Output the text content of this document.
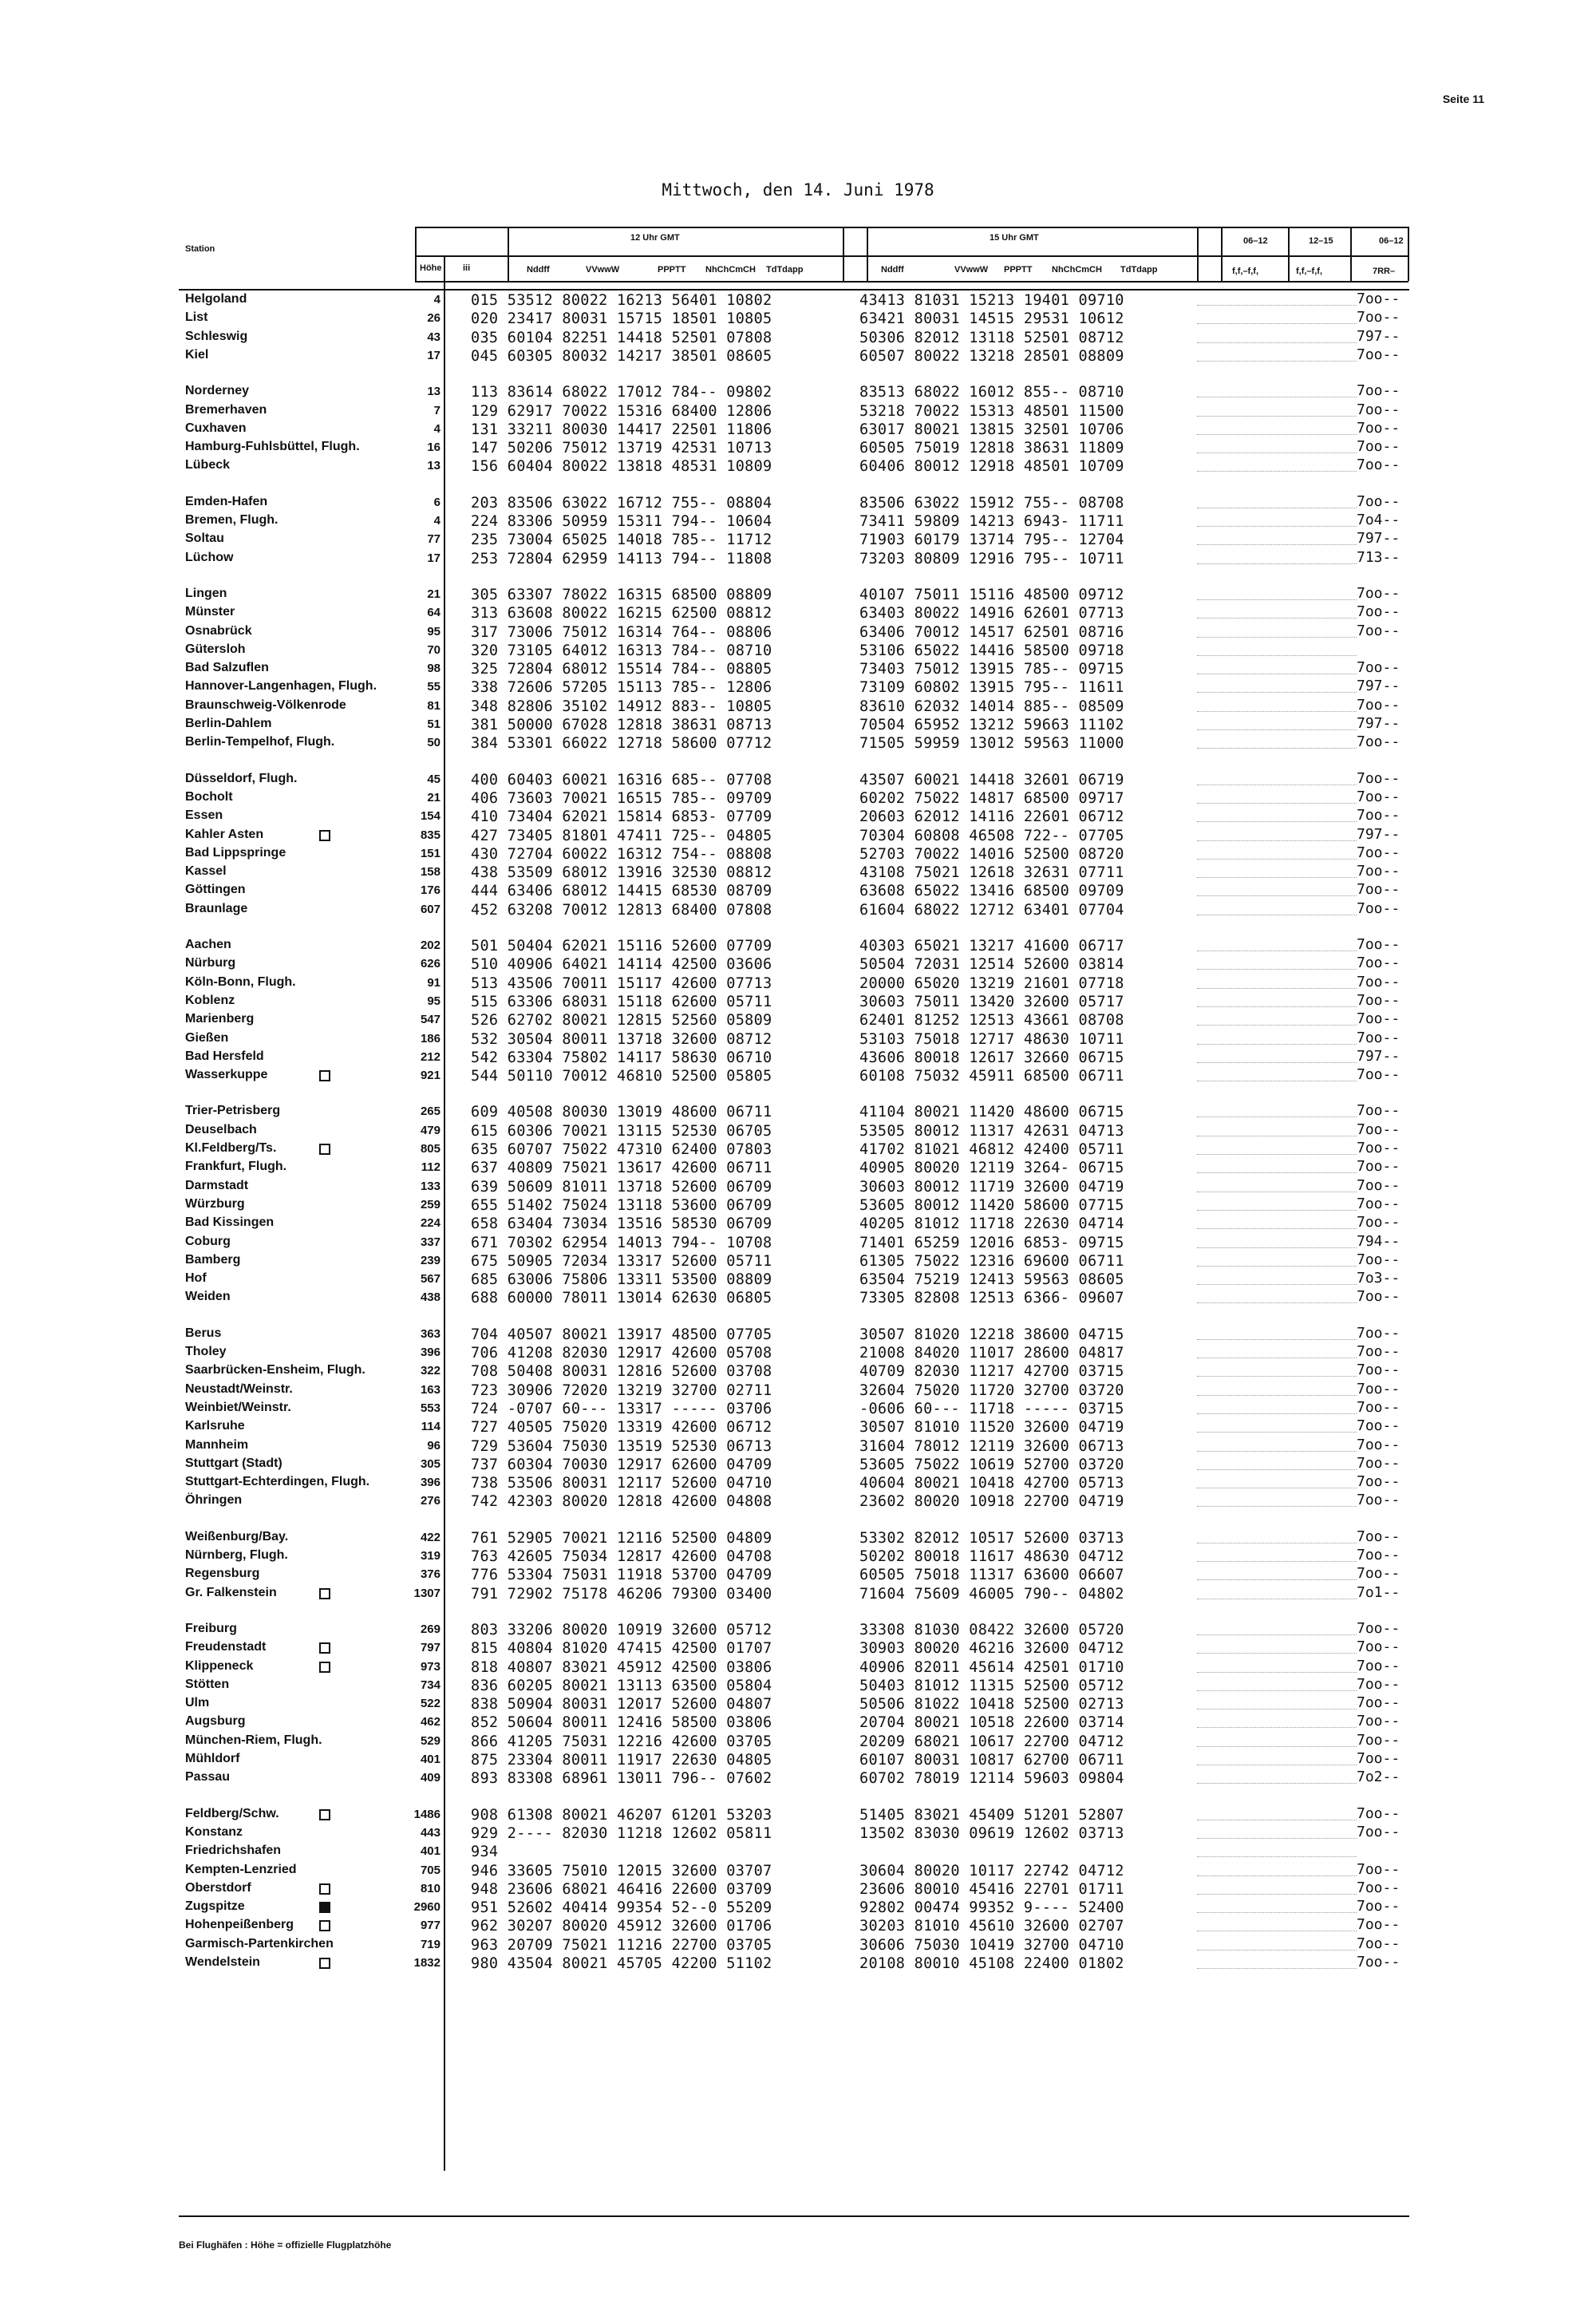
Seite 11
Mittwoch, den 14. Juni 1978
Station
Höhe iii
12 Uhr GMT	15 Uhr GMT
Nddff	VVwwW	PPPTT NhChCmCH TdTdapp	Nddff	VVwwW PPPTT NhChCmCH TdTdapp
06–12	12–15	06–12
f,f,–f,f,	f,f,–f,f,	7RR–
Helgoland	4 015 53512 80022 16213 56401 10802	43413 81031 15213 19401 09710	7oo--
List	26 020 23417 80031 15715 18501 10805	63421 80031 14515 29531 10612	7oo--
Schleswig	43 035 60104 82251 14418 52501 07808	50306 82012 13118 52501 08712	797--
Kiel	17 045 60305 80032 14217 38501 08605	60507 80022 13218 28501 08809	7oo--
Norderney	13 113 83614 68022 17012 784-- 09802	83513 68022 16012 855-- 08710	7oo--
Bremerhaven	7 129 62917 70022 15316 68400 12806	53218 70022 15313 48501 11500	7oo--
Cuxhaven	4 131 33211 80030 14417 22501 11806	63017 80021 13815 32501 10706	7oo--
Hamburg-Fuhlsbüttel, Flugh.	16 147 50206 75012 13719 42531 10713	60505 75019 12818 38631 11809	7oo--
Lübeck	13 156 60404 80022 13818 48531 10809	60406 80012 12918 48501 10709	7oo--
Emden-Hafen	6 203 83506 63022 16712 755-- 08804	83506 63022 15912 755-- 08708	7oo--
Bremen, Flugh.	4 224 83306 50959 15311 794-- 10604	73411 59809 14213 6943- 11711	7o4--
Soltau	77 235 73004 65025 14018 785-- 11712	71903 60179 13714 795-- 12704	797--
Lüchow	17 253 72804 62959 14113 794-- 11808	73203 80809 12916 795-- 10711	713--
Lingen	21 305 63307 78022 16315 68500 08809	40107 75011 15116 48500 09712	7oo--
Münster	64 313 63608 80022 16215 62500 08812	63403 80022 14916 62601 07713	7oo--
Osnabrück	95 317 73006 75012 16314 764-- 08806	63406 70012 14517 62501 08716	7oo--
Gütersloh	70 320 73105 64012 16313 784-- 08710	53106 65022 14416 58500 09718
Bad Salzuflen	98 325 72804 68012 15514 784-- 08805	73403 75012 13915 785-- 09715	7oo--
Hannover-Langenhagen, Flugh.	55 338 72606 57205 15113 785-- 12806	73109 60802 13915 795-- 11611	797--
Braunschweig-Völkenrode	81 348 82806 35102 14912 883-- 10805	83610 62032 14014 885-- 08509	7oo--
Berlin-Dahlem	51 381 50000 67028 12818 38631 08713	70504 65952 13212 59663 11102	797--
Berlin-Tempelhof, Flugh.	50 384 53301 66022 12718 58600 07712	71505 59959 13012 59563 11000	7oo--
Düsseldorf, Flugh.	45 400 60403 60021 16316 685-- 07708	43507 60021 14418 32601 06719	7oo--
Bocholt	21 406 73603 70021 16515 785-- 09709	60202 75022 14817 68500 09717	7oo--
Essen	154 410 73404 62021 15814 6853- 07709	20603 62012 14116 22601 06712	7oo--
Kahler Asten	835 427 73405 81801 47411 725-- 04805	70304 60808 46508 722-- 07705	797--
Bad Lippspringe	151 430 72704 60022 16312 754-- 08808	52703 70022 14016 52500 08720	7oo--
Kassel	158 438 53509 68012 13916 32530 08812	43108 75021 12618 32631 07711	7oo--
Göttingen	176 444 63406 68012 14415 68530 08709	63608 65022 13416 68500 09709	7oo--
Braunlage	607 452 63208 70012 12813 68400 07808	61604 68022 12712 63401 07704	7oo--
Aachen	202 501 50404 62021 15116 52600 07709	40303 65021 13217 41600 06717	7oo--
Nürburg	626 510 40906 64021 14114 42500 03606	50504 72031 12514 52600 03814	7oo--
Köln-Bonn, Flugh.	91 513 43506 70011 15117 42600 07713	20000 65020 13219 21601 07718	7oo--
Koblenz	95 515 63306 68031 15118 62600 05711	30603 75011 13420 32600 05717	7oo--
Marienberg	547 526 62702 80021 12815 52560 05809	62401 81252 12513 43661 08708	7oo--
Gießen	186 532 30504 80011 13718 32600 08712	53103 75018 12717 48630 10711	7oo--
Bad Hersfeld	212 542 63304 75802 14117 58630 06710	43606 80018 12617 32660 06715	797--
Wasserkuppe	921 544 50110 70012 46810 52500 05805	60108 75032 45911 68500 06711	7oo--
Trier-Petrisberg	265 609 40508 80030 13019 48600 06711	41104 80021 11420 48600 06715	7oo--
Deuselbach	479 615 60306 70021 13115 52530 06705	53505 80012 11317 42631 04713	7oo--
Kl.Feldberg/Ts.	805 635 60707 75022 47310 62400 07803	41702 81021 46812 42400 05711	7oo--
Frankfurt, Flugh.	112 637 40809 75021 13617 42600 06711	40905 80020 12119 3264- 06715	7oo--
Darmstadt	133 639 50609 81011 13718 52600 06709	30603 80012 11719 32600 04719	7oo--
Würzburg	259 655 51402 75024 13118 53600 06709	53605 80012 11420 58600 07715	7oo--
Bad Kissingen	224 658 63404 73034 13516 58530 06709	40205 81012 11718 22630 04714	7oo--
Coburg	337 671 70302 62954 14013 794-- 10708	71401 65259 12016 6853- 09715	794--
Bamberg	239 675 50905 72034 13317 52600 05711	61305 75022 12316 69600 06711	7oo--
Hof	567 685 63006 75806 13311 53500 08809	63504 75219 12413 59563 08605	7o3--
Weiden	438 688 60000 78011 13014 62630 06805	73305 82808 12513 6366- 09607	7oo--
Berus	363 704 40507 80021 13917 48500 07705	30507 81020 12218 38600 04715	7oo--
Tholey	396 706 41208 82030 12917 42600 05708	21008 84020 11017 28600 04817	7oo--
Saarbrücken-Ensheim, Flugh.	322 708 50408 80031 12816 52600 03708	40709 82030 11217 42700 03715	7oo--
Neustadt/Weinstr.	163 723 30906 72020 13219 32700 02711	32604 75020 11720 32700 03720	7oo--
Weinbiet/Weinstr.	553 724 -0707 60--- 13317 ----- 03706	-0606 60--- 11718 ----- 03715	7oo--
Karlsruhe	114 727 40505 75020 13319 42600 06712	30507 81010 11520 32600 04719	7oo--
Mannheim	96 729 53604 75030 13519 52530 06713	31604 78012 12119 32600 06713	7oo--
Stuttgart (Stadt)	305 737 60304 70030 12917 62600 04709	53605 75022 10619 52700 03720	7oo--
Stuttgart-Echterdingen, Flugh.	396 738 53506 80031 12117 52600 04710	40604 80021 10418 42700 05713	7oo--
Öhringen	276 742 42303 80020 12818 42600 04808	23602 80020 10918 22700 04719	7oo--
Weißenburg/Bay.	422 761 52905 70021 12116 52500 04809	53302 82012 10517 52600 03713	7oo--
Nürnberg, Flugh.	319 763 42605 75034 12817 42600 04708	50202 80018 11617 48630 04712	7oo--
Regensburg	376 776 53304 75031 11918 53700 04709	60505 75018 11317 63600 06607	7oo--
Gr. Falkenstein	1307 791 72902 75178 46206 79300 03400	71604 75609 46005 790-- 04802	7o1--
Freiburg	269 803 33206 80020 10919 32600 05712	33308 81030 08422 32600 05720	7oo--
Freudenstadt	797 815 40804 81020 47415 42500 01707	30903 80020 46216 32600 04712	7oo--
Klippeneck	973 818 40807 83021 45912 42500 03806	40906 82011 45614 42501 01710	7oo--
Stötten	734 836 60205 80021 13113 63500 05804	50403 81012 11315 52500 05712	7oo--
Ulm	522 838 50904 80031 12017 52600 04807	50506 81022 10418 52500 02713	7oo--
Augsburg	462 852 50604 80011 12416 58500 03806	20704 80021 10518 22600 03714	7oo--
München-Riem, Flugh.	529 866 41205 75031 12216 42600 03705	20209 68021 10617 22700 04712	7oo--
Mühldorf	401 875 23304 80011 11917 22630 04805	60107 80031 10817 62700 06711	7oo--
Passau	409 893 83308 68961 13011 796-- 07602	60702 78019 12114 59603 09804	7o2--
Feldberg/Schw.	1486 908 61308 80021 46207 61201 53203	51405 83021 45409 51201 52807	7oo--
Konstanz	443 929 2---- 82030 11218 12602 05811	13502 83030 09619 12602 03713	7oo--
Friedrichshafen	401 934
Kempten-Lenzried	705 946 33605 75010 12015 32600 03707	30604 80020 10117 22742 04712	7oo--
Oberstdorf	810 948 23606 68021 46416 22600 03709	23606 80010 45416 22701 01711	7oo--
Zugspitze	2960 951 52602 40414 99354 52--0 55209	92802 00474 99352 9---- 52400	7oo--
Hohenpeißenberg	977 962 30207 80020 45912 32600 01706	30203 81010 45610 32600 02707	7oo--
Garmisch-Partenkirchen	719 963 20709 75021 11216 22700 03705	30606 75030 10419 32700 04710	7oo--
Wendelstein	1832 980 43504 80021 45705 42200 51102	20108 80010 45108 22400 01802	7oo--
Bei Flughäfen : Höhe = offizielle Flugplatzhöhe
